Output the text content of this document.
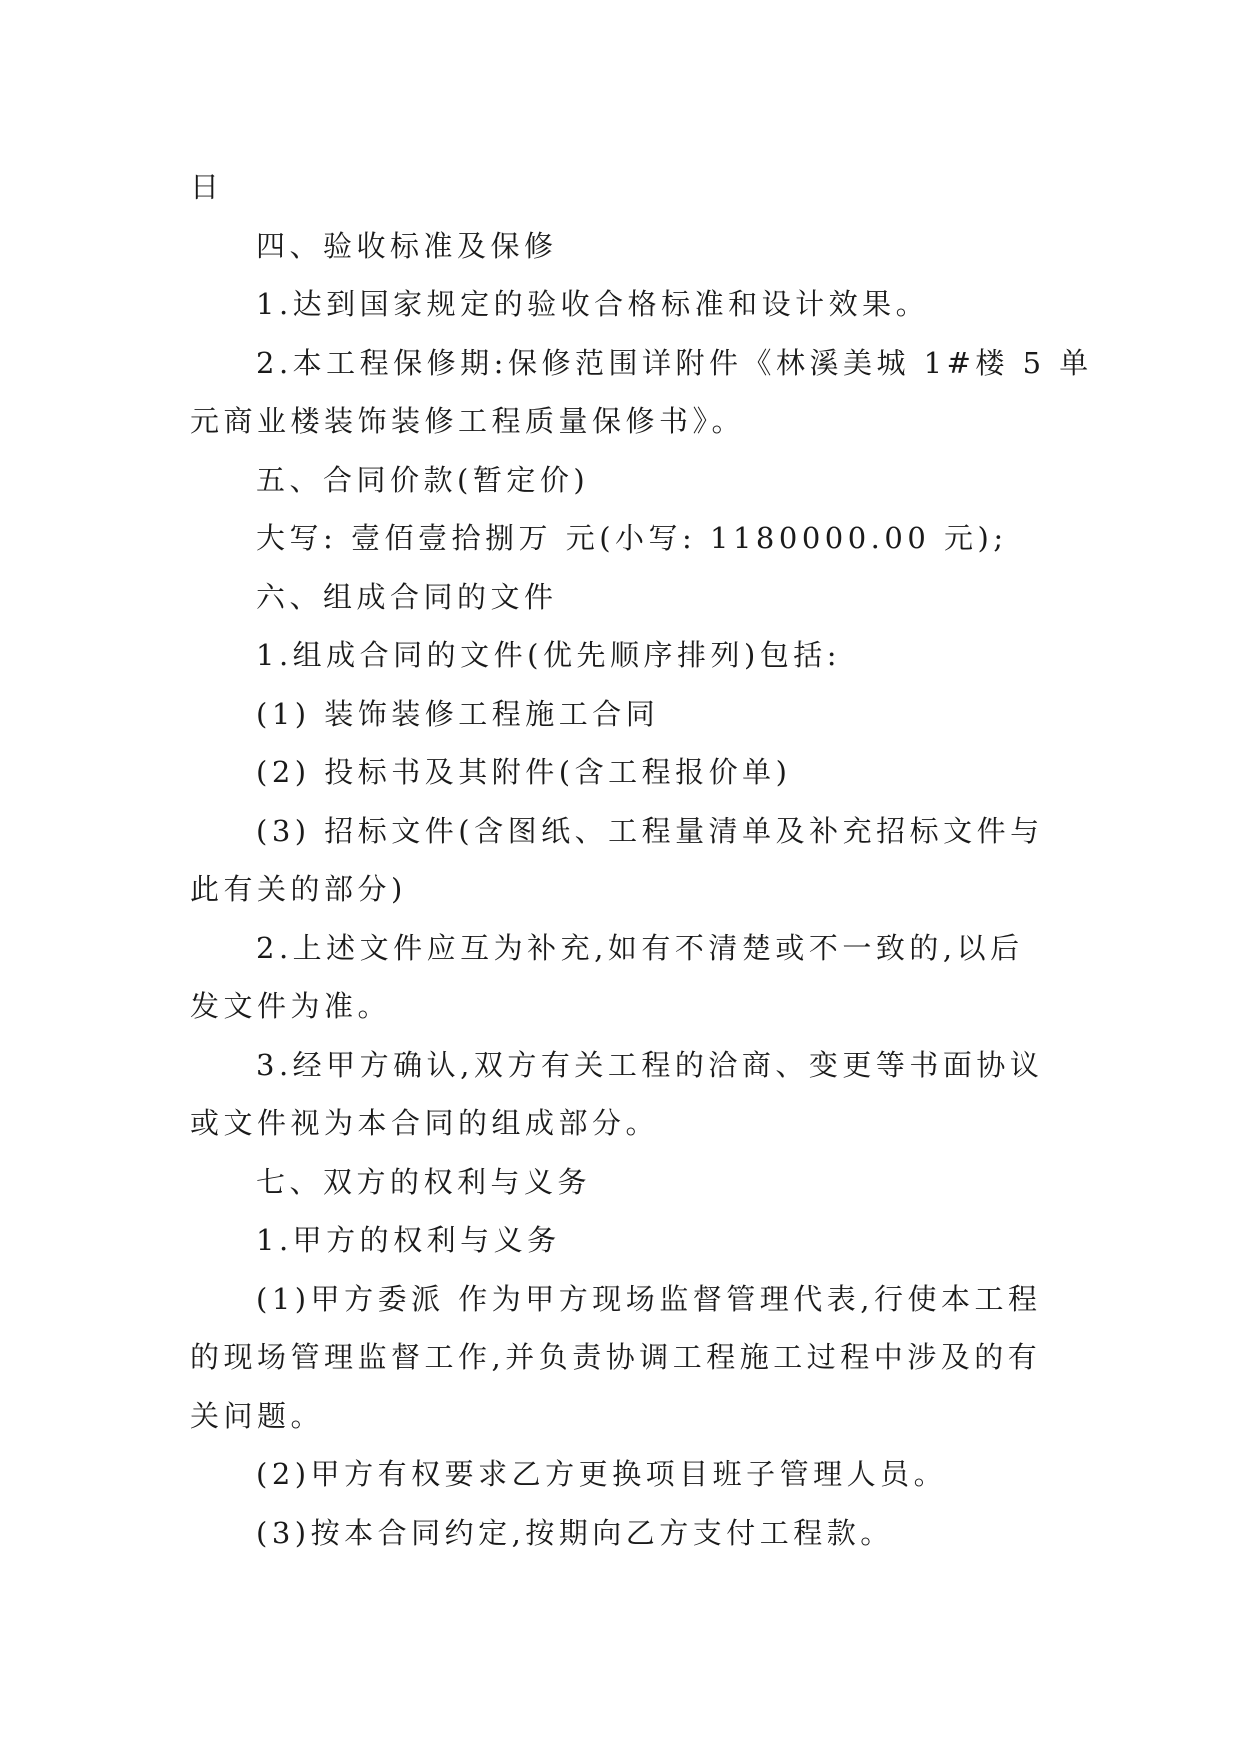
日
四、验收标准及保修
1.达到国家规定的验收合格标准和设计效果。
2.本工程保修期:保修范围详附件《林溪美城 1#楼 5 单
元商业楼装饰装修工程质量保修书》。
五、合同价款(暂定价)
大写: 壹佰壹拾捌万 元(小写: 1180000.00 元);
六、组成合同的文件
1.组成合同的文件(优先顺序排列)包括:
(1) 装饰装修工程施工合同
(2) 投标书及其附件(含工程报价单)
(3) 招标文件(含图纸、工程量清单及补充招标文件与
此有关的部分)
2.上述文件应互为补充,如有不清楚或不一致的,以后
发文件为准。
3.经甲方确认,双方有关工程的洽商、变更等书面协议
或文件视为本合同的组成部分。
七、双方的权利与义务
1.甲方的权利与义务
(1)甲方委派 作为甲方现场监督管理代表,行使本工程
的现场管理监督工作,并负责协调工程施工过程中涉及的有
关问题。
(2)甲方有权要求乙方更换项目班子管理人员。
(3)按本合同约定,按期向乙方支付工程款。
